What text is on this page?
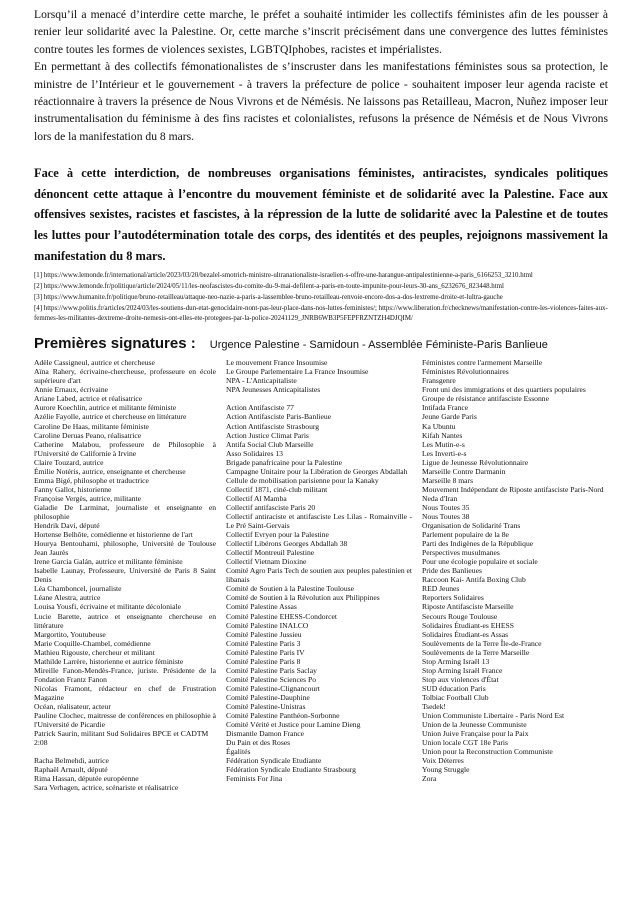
Lorsqu’il a menacé d’interdire cette marche, le préfet a souhaité intimider les collectifs féministes afin de les pousser à renier leur solidarité avec la Palestine. Or, cette marche s’inscrit précisément dans une convergence des luttes féministes contre toutes les formes de violences sexistes, LGBTQIphobes, racistes et impérialistes.

En permettant à des collectifs fémonationalistes de s’inscruster dans les manifestations féministes sous sa protection, le ministre de l’Intérieur et le gouvernement - à travers la préfecture de police - souhaitent imposer leur agenda raciste et réactionnaire à travers la présence de Nous Vivrons et de Némésis. Ne laissons pas Retailleau, Macron, Nuñez imposer leur instrumentalisation du féminisme à des fins racistes et colonialistes, refusons la présence de Némésis et de Nous Vivrons lors de la manifestation du 8 mars.

Face à cette interdiction, de nombreuses organisations féministes, antiracistes, syndicales politiques dénoncent cette attaque à l’encontre du mouvement féministe et de solidarité avec la Palestine. Face aux offensives sexistes, racistes et fascistes, à la répression de la lutte de solidarité avec la Palestine et de toutes les luttes pour l’autodétermination totale des corps, des identités et des peuples, rejoignons massivement la manifestation du 8 mars.

[1] https://www.lemonde.fr/international/article/2023/03/20/bezalel-smotrich-ministre-ultranationaliste-israelien-s-offre-une-harangue-antipalestinienne-a-paris_6166253_3210.html

[2] https://www.lemonde.fr/politique/article/2024/05/11/les-neofascistes-du-comite-du-9-mai-defilent-a-paris-en-toute-impunite-pour-leurs-30-ans_6232676_823448.html

[3] https://www.humanite.fr/politique/bruno-retailleau/attaque-neo-nazie-a-paris-a-lassemblee-bruno-retailleau-renvoie-encore-dos-a-dos-lextreme-droite-et-lultra-gauche

[4] https://www.politis.fr/articles/2024/03/les-soutiens-dun-etat-genocidaire-nont-pas-leur-place-dans-nos-luttes-feministes/; https://www.liberation.fr/checknews/manifestation-contre-les-violences-faites-aux-femmes-les-militantes-dextreme-droite-nemesis-ont-elles-ete-protegees-par-la-police-20241129_JNRB6WB3P5FEPFRZNTZH4DJQIM/

Premières signatures : Urgence Palestine - Samidoun - Assemblée Féministe-Paris Banlieue

Adèle Cassigneul, autrice et chercheuse

Aïna Rahery, écrivaine-chercheuse, professeure en école supérieure d'art

Annie Ernaux, écrivaine

Ariane Labed, actrice et réalisatrice

Aurore Koechlin, autrice et militante féministe

Azélie Fayolle, autrice et chercheuse en littérature

Caroline De Haas, militante féministe

Caroline Deruas Peano, réalisatrice

Catherine Malabou, professeure de Philosophie à l'Université de Californie à Irvine

Claire Touzard, autrice

Émilie Notéris, autrice, enseignante et chercheuse

Emma Bigé, philosophe et traductrice

Fanny Gallot, historienne

Françoise Vergès, autrice, militante

Galadie De Larminat, journaliste et enseignante en philosophie

Hendrik Davi, député

Hortense Belhôte, comédienne et historienne de l'art

Hourya Bentouhami, philosophe, Université de Toulouse Jean Jaurès

Irene Garcia Galán, autrice et militante féministe

Isabelle Launay, Professeure, Université de Paris 8 Saint Denis

Léa Chamboncel, journaliste

Léane Alestra, autrice

Louisa Yousfi, écrivaine et militante décoloniale

Lucie Barette, autrice et enseignante chercheuse en littérature

Margortito, Youtubeuse

Marie Coquille-Chambel, comédienne

Mathieu Rigouste, chercheur et militant

Mathilde Larrère, historienne et autrice féministe

Mireille Fanon-Mendès-France, juriste. Présidente de la Fondation Frantz Fanon

Nicolas Framont, rédacteur en chef de Frustration Magazine

Océan, réalisateur, acteur

Pauline Clochec, maitresse de conférences en philosophie à l'Université de Picardie

Patrick Saurin, militant Sud Solidaires BPCE et CADTM

2:08

Racha Belmehdi, autrice

Raphaël Arnault, député

Rima Hassan, députée européenne

Sara Verhagen, actrice, scénariste et réalisatrice

Le mouvement France Insoumise

Le Groupe Parlementaire La France Insoumise

NPA - L'Anticapitaliste

NPA Jeunesses Anticapitalistes

Action Antifasciste 77

Action Antifasciste Paris-Banlieue

Action Antifasciste Strasbourg

Action Justice Climat Paris

Antifa Social Club Marseille

Asso Solidaires 13

Brigade panafricaine pour la Palestine

Campagne Unitaire pour la Libération de Georges Abdallah

Cellule de mobilisation parisienne pour la Kanaky

Collectif 1871, ciné-club militant

Collectif Al Mamba

Collectif antifasciste Paris 20

Collectif antiraciste et antifasciste Les Lilas - Romainville - Le Pré Saint-Gervais

Collectif Evryen pour la Palestine

Collectif Libérons Georges Abdallah 38

Collectif Montreuil Palestine

Collectif Vietnam Dioxine

Comité Agro Paris Tech de soutien aux peuples palestinien et libanais

Comité de Soutien à la Palestine Toulouse

Comité de Soutien à la Révolution aux Philippines

Comité Palestine Assas

Comité Palestine EHESS-Condorcet

Comité Palestine INALCO

Comité Palestine Jussieu

Comité Palestine Paris 3

Comité Palestine Paris IV

Comité Palestine Paris 8

Comité Palestine Paris Saclay

Comité Palestine Sciences Po

Comité Palestine-Clignancourt

Comité Palestine-Dauphine

Comité Palestine-Unistras

Comité Palestine Panthéon-Sorbonne

Comité Vérité et Justice pour Lamine Dieng

Dismantle Damon France

Du Pain et des Roses

Égalités

Fédération Syndicale Etudiante

Fédération Syndicale Etudiante Strasbourg

Feminists For Jina

Féministes contre l'armement Marseille

Féministes Révolutionnaires

Fransgenre

Front uni des immigrations et des quartiers populaires

Groupe de résistance antifasciste Essonne

Intifada France

Jeune Garde Paris

Ka Ubuntu

Kifah Nantes

Les Mutin-e-s

Les Inverti-e-s

Ligue de Jeunesse Révolutionnaire

Marseille Contre Darmanin

Marseille 8 mars

Mouvement Indépendant de Riposte antifasciste Paris-Nord

Neda d'Iran

Nous Toutes 35

Nous Toutes 38

Organisation de Solidarité Trans

Parlement populaire de la 8e

Parti des Indigènes de la République

Perspectives musulmanes

Pour une écologie populaire et sociale

Pride des Banlieues

Raccoon Kai- Antifa Boxing Club

RED Jeunes

Reporters Solidaires

Riposte Antifasciste Marseille

Secours Rouge Toulouse

Solidaires Étudiant-es EHESS

Solidaires Étudiant-es Assas

Soulèvements de la Terre Île-de-France

Soulèvements de la Terre Marseille

Stop Arming Israël 13

Stop Arming Israël France

Stop aux violences d'État

SUD éducation Paris

Tolbiac Football Club

Tsedek!

Union Communiste Libertaire - Paris Nord Est

Union de la Jeunesse Communiste

Union Juive Française pour la Paix

Union locale CGT 18e Paris

Union pour la Reconstruction Communiste

Voix Déterres

Young Struggle

Zora
